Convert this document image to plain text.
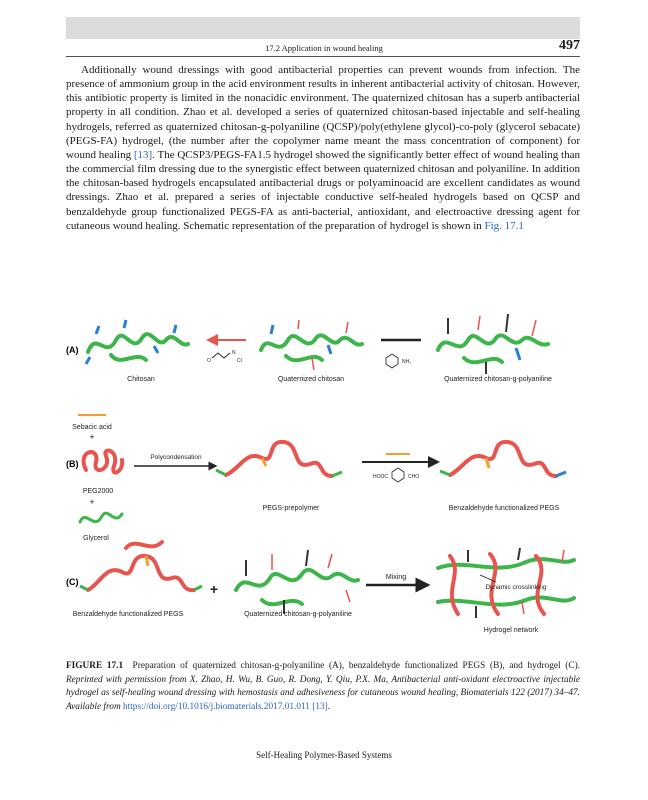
17.2 Application in wound healing	497

Additionally wound dressings with good antibacterial properties can prevent wounds from infection. The presence of ammonium group in the acid environment results in inherent antibacterial activity of chitosan. However, this antibiotic property is limited in the nonacidic environment. The quaternized chitosan has a superb antibacterial property in all condition. Zhao et al. developed a series of quaternized chitosan-based injectable and self-healing hydrogels, referred as quaternized chitosan-g-polyaniline (QCSP)/poly(ethylene glycol)-co-poly (glycerol sebacate) (PEGS-FA) hydrogel, (the number after the copolymer name meant the mass concentration of component) for wound healing [13]. The QCSP3/PEGS-FA1.5 hydrogel showed the significantly better effect of wound healing than the commercial film dressing due to the synergistic effect between quaternized chitosan and polyaniline. In addition the chitosan-based hydrogels encapsulated antibacterial drugs or polyaminoacid are excellent candidates as wound dressings. Zhao et al. prepared a series of injectable conductive self-healed hydrogels based on QCSP and benzaldehyde group functionalized PEGS-FA as anti-bacterial, antioxidant, and electroactive dressing agent for cutaneous wound healing. Schematic representation of the preparation of hydrogel is shown in Fig. 17.1

(A)
Chitosan
N
Cl
O
Quaternized chitosan
NH₂
Quaternized chitosan-g-polyaniline
(B)
Sebacic acid
+
PEG2000
+
Glycerol
Polycondensation
PEGS-prepolymer
HOOC	CHO
Benzaldehyde functionalized PEGS
(C)
Benzaldehyde functionalized PEGS
+
Quaternized chitosan-g-polyaniline
Mixing
Dynamic crosslinking
Hydrogel network
FIGURE 17.1 Preparation of quaternized chitosan-g-polyaniline (A), benzaldehyde functionalized PEGS (B), and hydrogel (C). Reprinted with permission from X. Zhao, H. Wu, B. Guo, R. Dong, Y. Qiu, P.X. Ma, Antibacterial anti-oxidant electroactive injectable hydrogel as self-healing wound dressing with hemostasis and adhesiveness for cutaneous wound healing, Biomaterials 122 (2017) 34–47. Available from https://doi.org/10.1016/j.biomaterials.2017.01.011 [13].
Self-Healing Polymer-Based Systems
